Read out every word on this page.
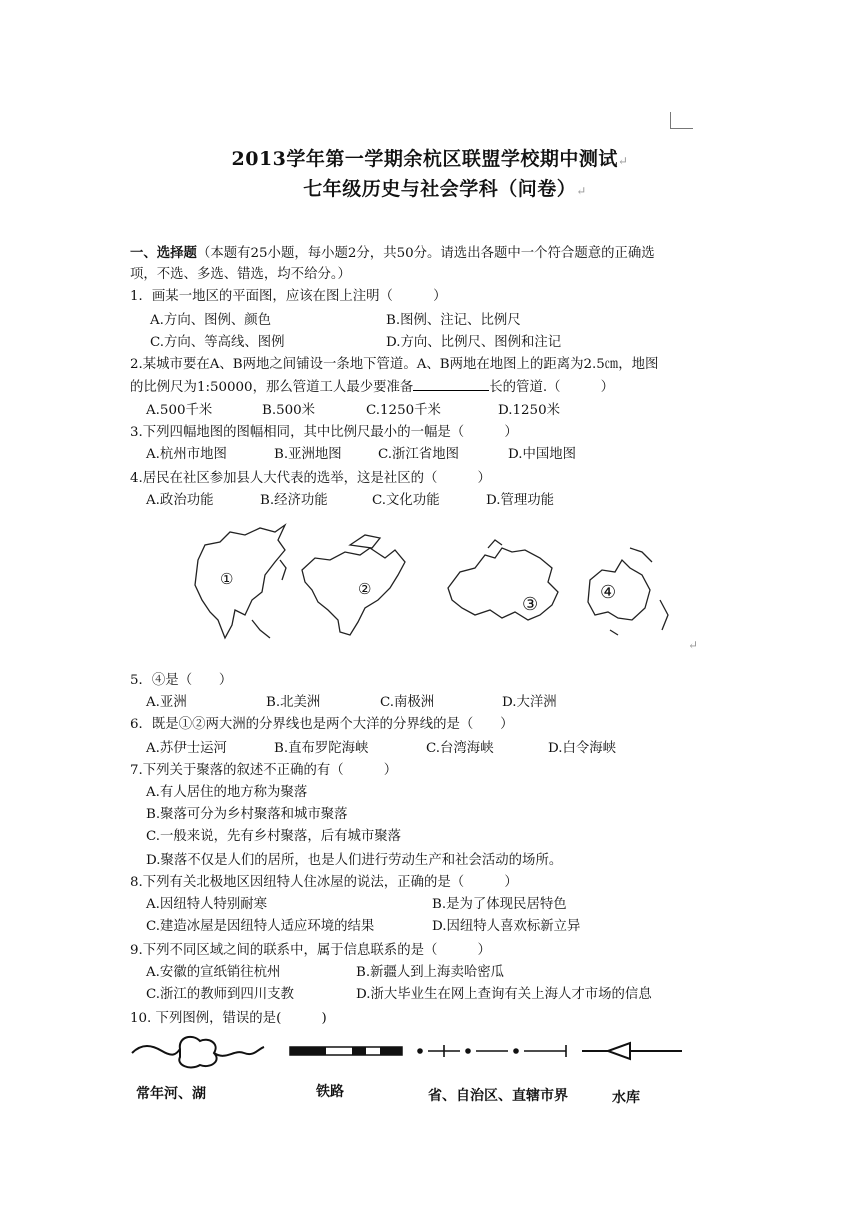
2013学年第一学期余杭区联盟学校期中测试↵
七年级历史与社会学科（问卷）↵
一、选择题（本题有25小题，每小题2分，共50分。请选出各题中一个符合题意的正确选
项，不选、多选、错选，均不给分。）
1．画某一地区的平面图，应该在图上注明（　　　）
A.方向、图例、颜色	B.图例、注记、比例尺
C.方向、等高线、图例	D.方向、比例尺、图例和注记
2.某城市要在A、B两地之间铺设一条地下管道。A、B两地在地图上的距离为2.5㎝，地图
的比例尺为1:50000，那么管道工人最少要准备	长的管道.（　　　）
A.500千米	B.500米	C.1250千米	D.1250米
3.下列四幅地图的图幅相同，其中比例尺最小的一幅是（　　　）
A.杭州市地图	B.亚洲地图	C.浙江省地图	D.中国地图
4.居民在社区参加县人大代表的选举，这是社区的（　　　）
A.政治功能	B.经济功能	C.文化功能	D.管理功能
①
②
③
④
↵
5．④是（　　）
A.亚洲	B.北美洲	C.南极洲	D.大洋洲
6．既是①②两大洲的分界线也是两个大洋的分界线的是（　　）
A.苏伊士运河	B.直布罗陀海峡	C.台湾海峡	D.白令海峡
7.下列关于聚落的叙述不正确的有（　　　）
A.有人居住的地方称为聚落
B.聚落可分为乡村聚落和城市聚落
C.一般来说，先有乡村聚落，后有城市聚落
D.聚落不仅是人们的居所，也是人们进行劳动生产和社会活动的场所。
8.下列有关北极地区因纽特人住冰屋的说法，正确的是（　　　）
A.因纽特人特别耐寒	B.是为了体现民居特色
C.建造冰屋是因纽特人适应环境的结果	D.因纽特人喜欢标新立异
9.下列不同区域之间的联系中，属于信息联系的是（　　　）
A.安徽的宣纸销往杭州	B.新疆人到上海卖哈密瓜
C.浙江的教师到四川支教	D.浙大毕业生在网上查询有关上海人才市场的信息
10. 下列图例，错误的是(　　　)
常年河、湖	铁路	省、自治区、直辖市界	水库
